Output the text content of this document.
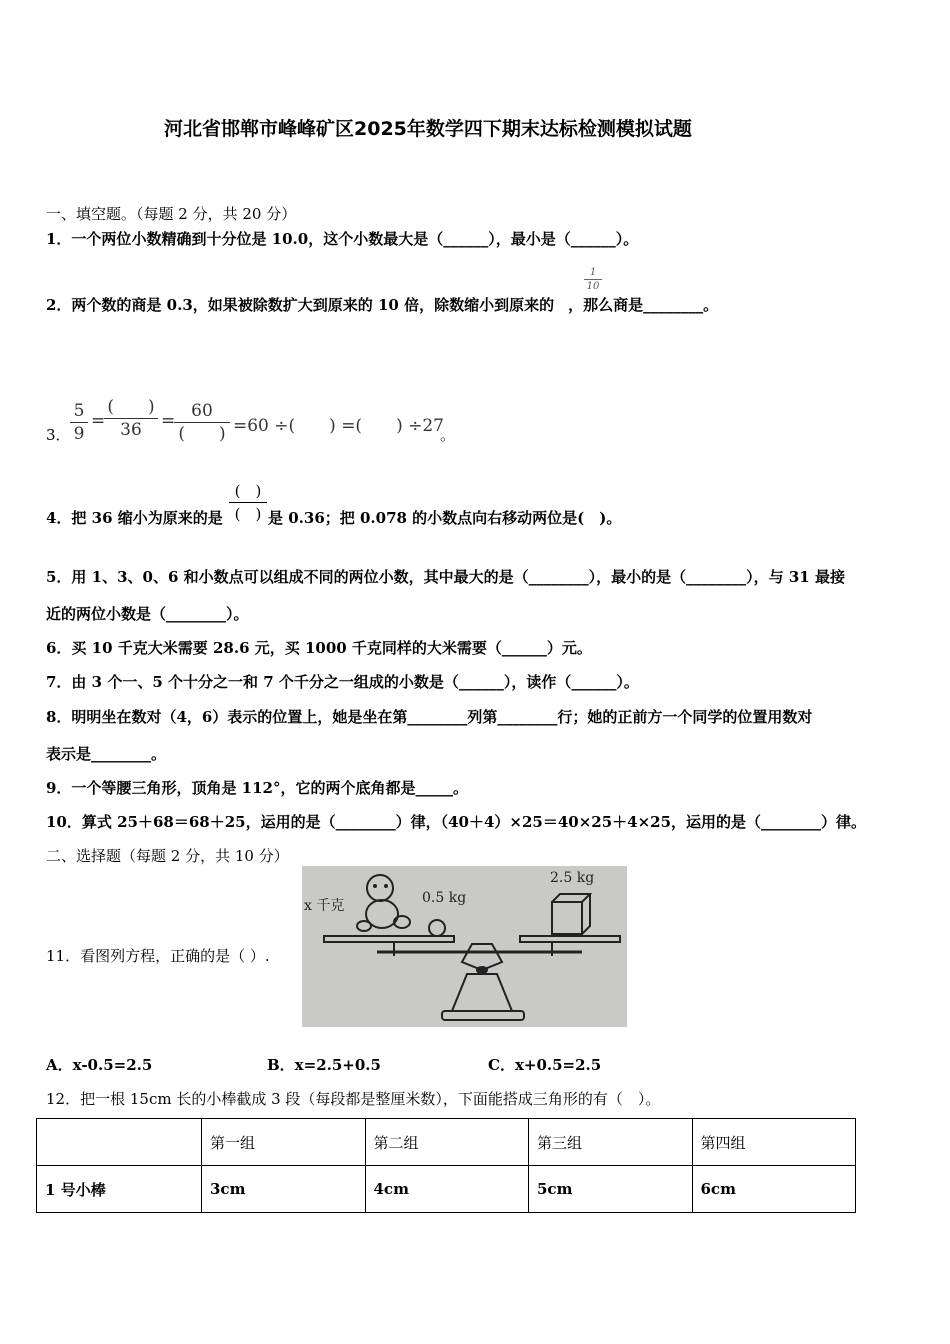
河北省邯郸市峰峰矿区2025年数学四下期末达标检测模拟试题
一、填空题。（每题 2 分，共 20 分）
1．一个两位小数精确到十分位是 10.0，这个小数最大是（______），最小是（______）。
2．两个数的商是 0.3，如果被除数扩大到原来的 10 倍，除数缩小到原来的 ，那么商是________。
1
10
3．
5
9
=
(　　)
36	= 60
(　　) =60 ÷(　　) =(　　) ÷27
。
4．把 36 缩小为原来的是
(　)
(　) 是 0.36；把 0.078 的小数点向右移动两位是(　)。
5．用 1、3、0、6 和小数点可以组成不同的两位小数，其中最大的是（________），最小的是（________），与 31 最接
近的两位小数是（________）。
6．买 10 千克大米需要 28.6 元，买 1000 千克同样的大米需要（______）元。
7．由 3 个一、5 个十分之一和 7 个千分之一组成的小数是（______），读作（______）。
8．明明坐在数对（4，6）表示的位置上，她是坐在第________列第________行；她的正前方一个同学的位置用数对
表示是________。
9．一个等腰三角形，顶角是 112°，它的两个底角都是_____。
10．算式 25＋68＝68＋25，运用的是（________）律，（40＋4）×25＝40×25＋4×25，运用的是（________）律。
二、选择题（每题 2 分，共 10 分）
11．看图列方程，正确的是（ ）.
x 千克	0.5 kg
2.5 kg
A．x-0.5=2.5	B．x=2.5+0.5	C．x+0.5=2.5
12．把一根 15cm 长的小棒截成 3 段（每段都是整厘米数），下面能搭成三角形的有（　）。
	第一组	第二组	第三组	第四组
1 号小棒	3cm	4cm	5cm	6cm
